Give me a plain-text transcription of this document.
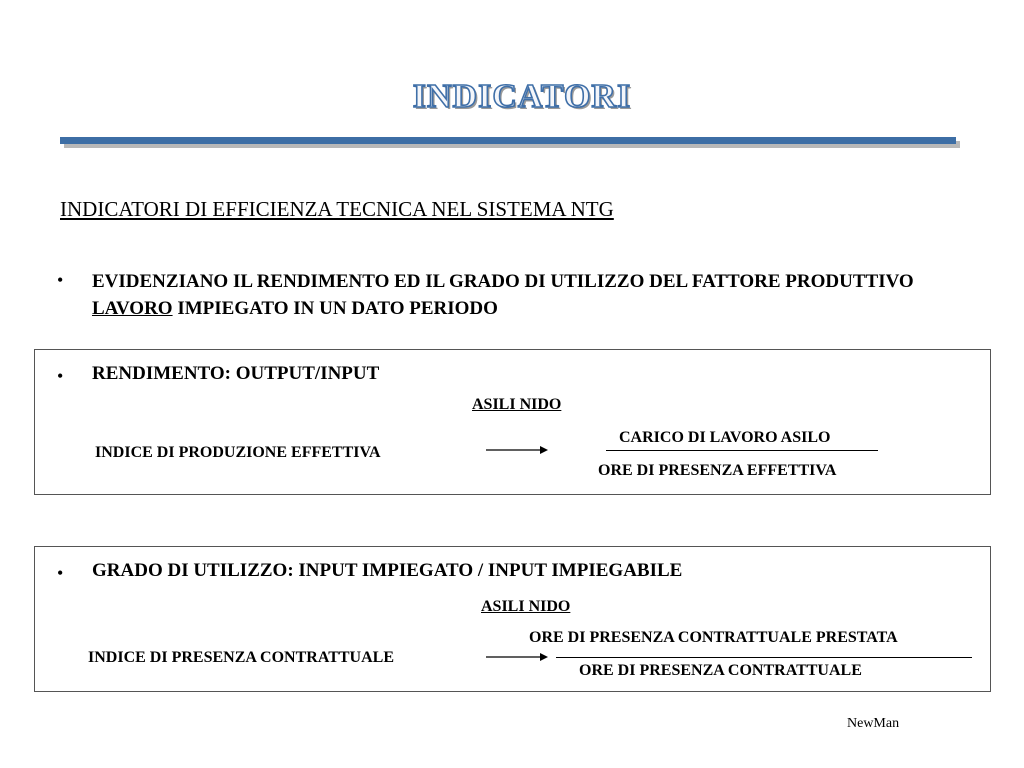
INDICATORI
INDICATORI DI EFFICIENZA TECNICA NEL SISTEMA NTG
• EVIDENZIANO IL RENDIMENTO ED IL GRADO DI UTILIZZO DEL FATTORE PRODUTTIVO LAVORO IMPIEGATO IN UN DATO PERIODO
• RENDIMENTO: OUTPUT/INPUT
ASILI NIDO
INDICE DI PRODUZIONE EFFETTIVA
CARICO DI LAVORO ASILO
ORE DI PRESENZA EFFETTIVA
• GRADO DI UTILIZZO: INPUT IMPIEGATO / INPUT IMPIEGABILE
ASILI NIDO
INDICE DI PRESENZA CONTRATTUALE
ORE DI PRESENZA CONTRATTUALE PRESTATA
ORE DI PRESENZA CONTRATTUALE
NewMan
